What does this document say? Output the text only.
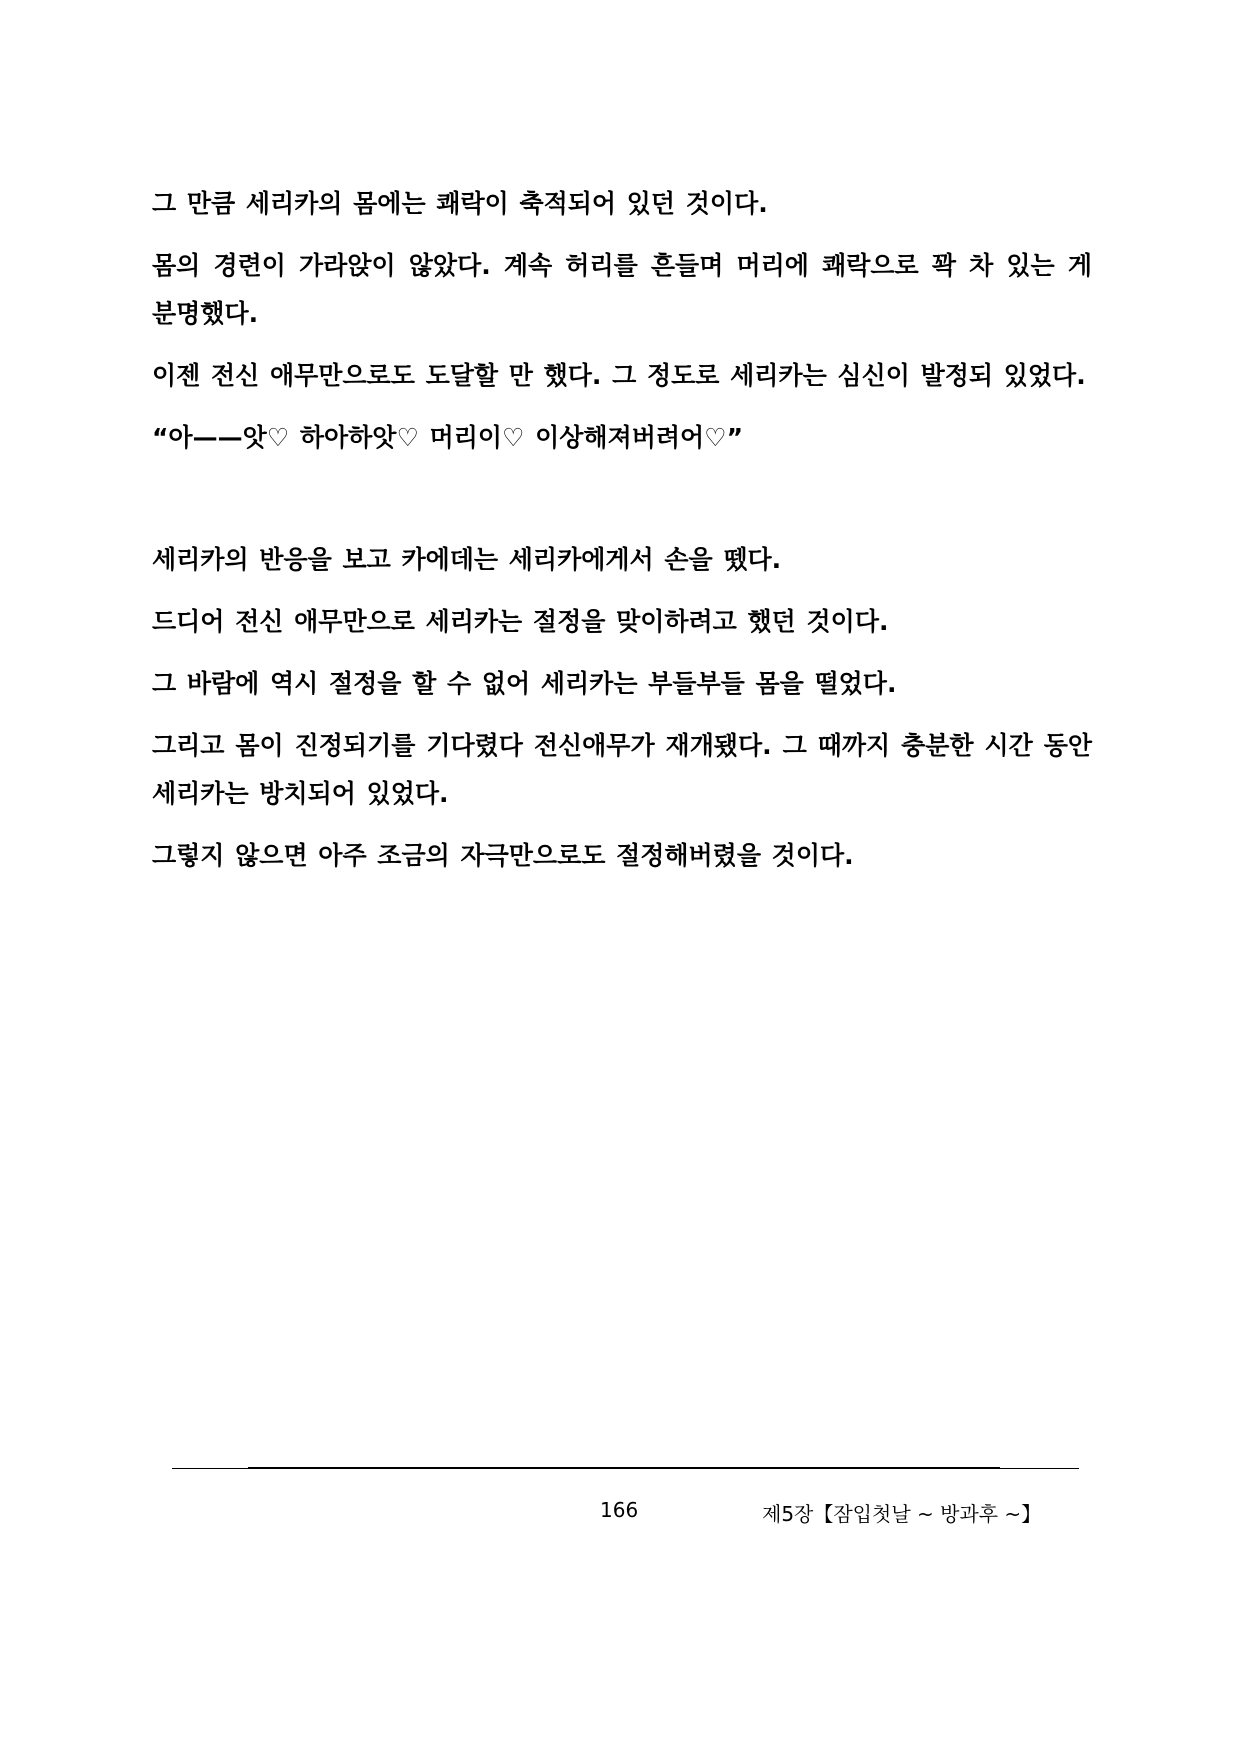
그 만큼 세리카의 몸에는 쾌락이 축적되어 있던 것이다.

몸의 경련이 가라앉이 않았다. 계속 허리를 흔들며 머리에 쾌락으로 꽉 차 있는 게 분명했다.

이젠 전신 애무만으로도 도달할 만 했다. 그 정도로 세리카는 심신이 발정되 있었다.

“아——앗♡ 하아하앗♡ 머리이♡ 이상해져버려어♡”

세리카의 반응을 보고 카에데는 세리카에게서 손을 뗐다.

드디어 전신 애무만으로 세리카는 절정을 맞이하려고 했던 것이다.

그 바람에 역시 절정을 할 수 없어 세리카는 부들부들 몸을 떨었다.

그리고 몸이 진정되기를 기다렸다 전신애무가 재개됐다. 그 때까지 충분한 시간 동안 세리카는 방치되어 있었다.

그렇지 않으면 아주 조금의 자극만으로도 절정해버렸을 것이다.

166	제5장【잠입첫날 ~ 방과후 ~】
